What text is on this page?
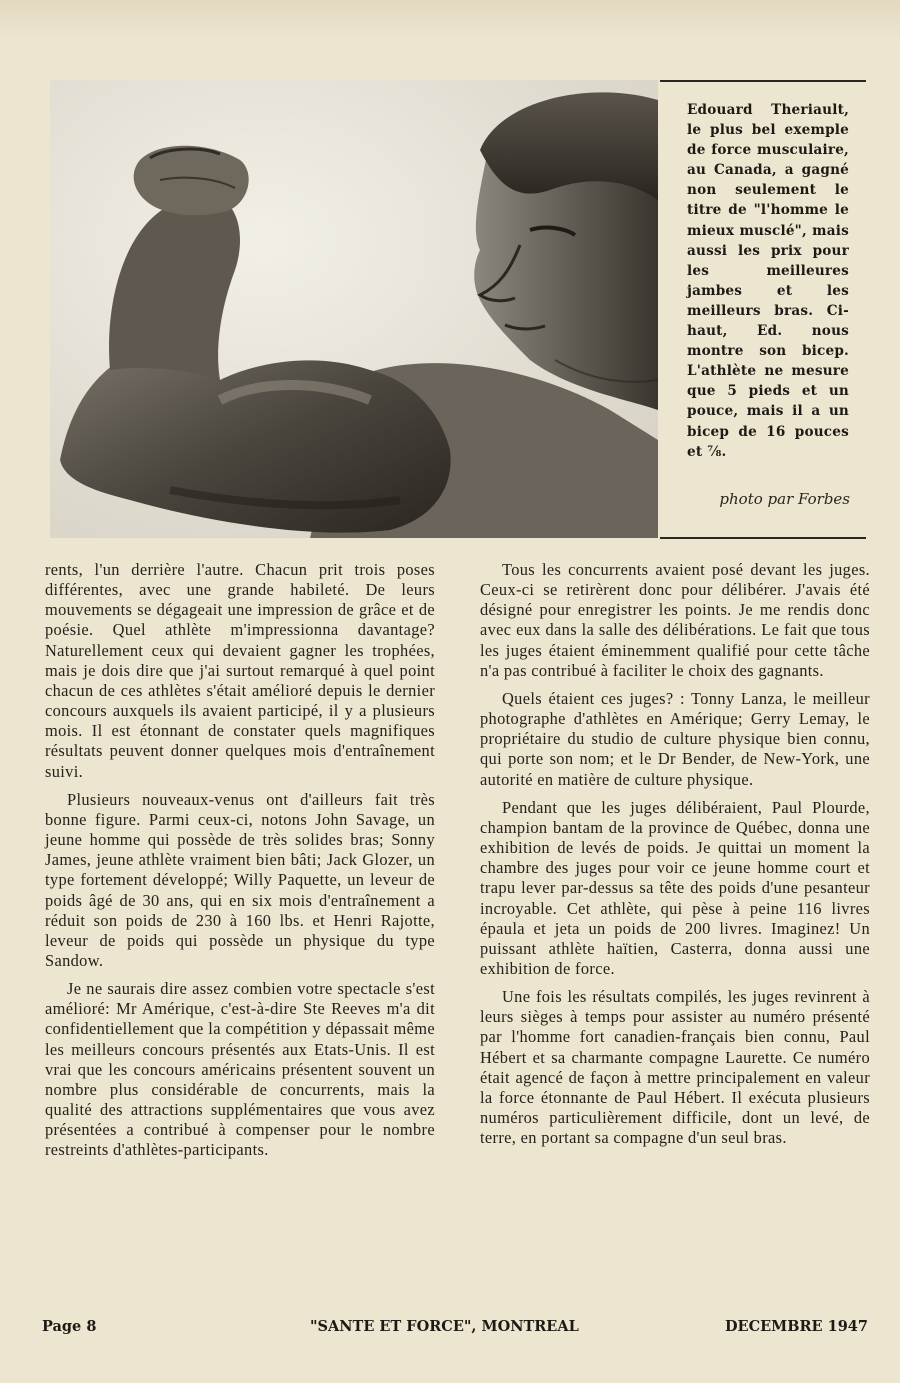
Edouard Theriault, le plus bel exemple de force musculaire, au Canada, a gagné non seulement le titre de "l'homme le mieux musclé", mais aussi les prix pour les meilleures jambes et les meilleurs bras. Ci-haut, Ed. nous montre son bicep. L'athlète ne mesure que 5 pieds et un pouce, mais il a un bicep de 16 pouces et ⅞.
photo par Forbes

rents, l'un derrière l'autre. Chacun prit trois poses différentes, avec une grande habileté. De leurs mouvements se dégageait une impression de grâce et de poésie. Quel athlète m'impressionna davantage? Naturellement ceux qui devaient gagner les trophées, mais je dois dire que j'ai surtout remarqué à quel point chacun de ces athlètes s'était amélioré depuis le dernier concours auxquels ils avaient participé, il y a plusieurs mois. Il est étonnant de constater quels magnifiques résultats peuvent donner quelques mois d'entraînement suivi.

Plusieurs nouveaux-venus ont d'ailleurs fait très bonne figure. Parmi ceux-ci, notons John Savage, un jeune homme qui possède de très solides bras; Sonny James, jeune athlète vraiment bien bâti; Jack Glozer, un type fortement développé; Willy Paquette, un leveur de poids âgé de 30 ans, qui en six mois d'entraînement a réduit son poids de 230 à 160 lbs. et Henri Rajotte, leveur de poids qui possède un physique du type Sandow.

Je ne saurais dire assez combien votre spectacle s'est amélioré: Mr Amérique, c'est-à-dire Ste Reeves m'a dit confidentiellement que la compétition y dépassait même les meilleurs concours présentés aux Etats-Unis. Il est vrai que les concours américains présentent souvent un nombre plus considérable de concurrents, mais la qualité des attractions supplémentaires que vous avez présentées a contribué à compenser pour le nombre restreints d'athlètes-participants.

Tous les concurrents avaient posé devant les juges. Ceux-ci se retirèrent donc pour délibérer. J'avais été désigné pour enregistrer les points. Je me rendis donc avec eux dans la salle des délibérations. Le fait que tous les juges étaient éminemment qualifié pour cette tâche n'a pas contribué à faciliter le choix des gagnants.

Quels étaient ces juges? : Tonny Lanza, le meilleur photographe d'athlètes en Amérique; Gerry Lemay, le propriétaire du studio de culture physique bien connu, qui porte son nom; et le Dr Bender, de New-York, une autorité en matière de culture physique.

Pendant que les juges délibéraient, Paul Plourde, champion bantam de la province de Québec, donna une exhibition de levés de poids. Je quittai un moment la chambre des juges pour voir ce jeune homme court et trapu lever par-dessus sa tête des poids d'une pesanteur incroyable. Cet athlète, qui pèse à peine 116 livres épaula et jeta un poids de 200 livres. Imaginez! Un puissant athlète haïtien, Casterra, donna aussi une exhibition de force.

Une fois les résultats compilés, les juges revinrent à leurs sièges à temps pour assister au numéro présenté par l'homme fort canadien-français bien connu, Paul Hébert et sa charmante compagne Laurette. Ce numéro était agencé de façon à mettre principalement en valeur la force étonnante de Paul Hébert. Il exécuta plusieurs numéros particulièrement difficile, dont un levé, de terre, en portant sa compagne d'un seul bras.

Page 8	"SANTE ET FORCE", MONTREAL	DECEMBRE 1947
